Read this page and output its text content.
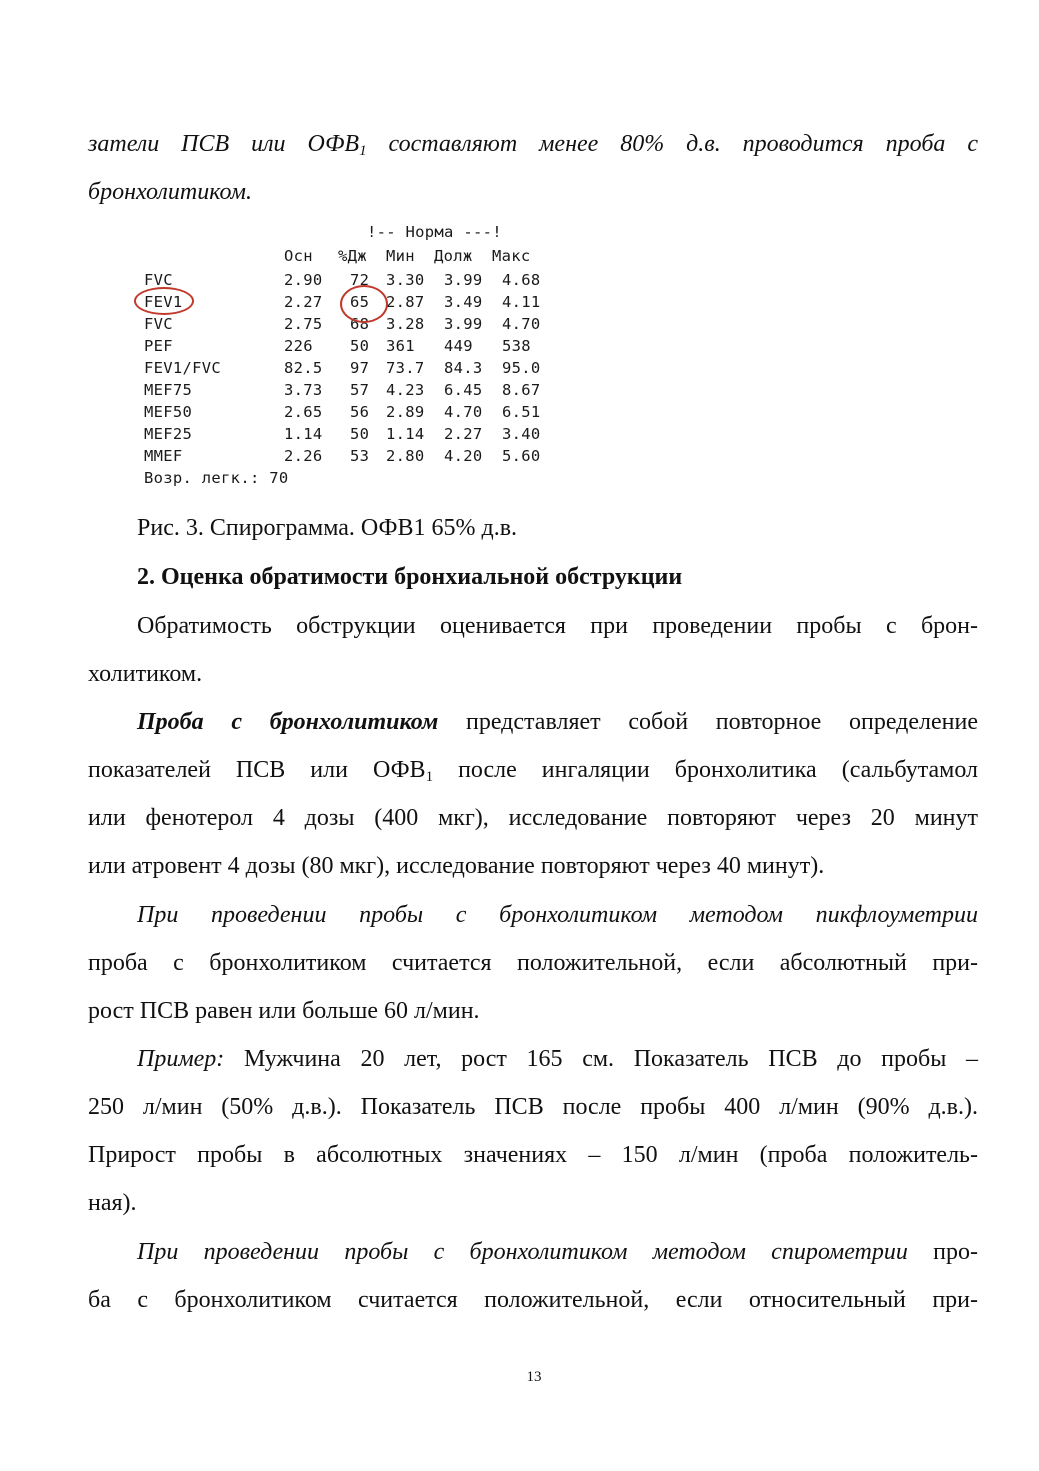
затели ПСВ или $ОФВ_1$ составляют менее 80% д.в. проводится проба с
бронхолитиком.
!-- Норма ---!
Осн %Дж Мин Долж Макс
FVC	2.90 72 3.30 3.99 4.68
FEV1	2.27 65 2.87 3.49 4.11
FVC	2.75 68 3.28 3.99 4.70
PEF	226 50 361 449 538
FEV1/FVC	82.5 97 73.7 84.3 95.0
MEF75	3.73 57 4.23 6.45 8.67
MEF50	2.65 56 2.89 4.70 6.51
MEF25	1.14 50 1.14 2.27 3.40
MMEF	2.26 53 2.80 4.20 5.60
Возр. легк.: 70
Рис. 3. Спирограмма. ОФВ1 65% д.в.
2. Оценка обратимости бронхиальной обструкции
Обратимость обструкции оценивается при проведении пробы с брон-
холитиком.
Проба с бронхолитиком представляет собой повторное определение
показателей ПСВ или $ОФВ_1$ после ингаляции бронхолитика (сальбутамол
или фенотерол 4 дозы (400 мкг), исследование повторяют через 20 минут
или атровент 4 дозы (80 мкг), исследование повторяют через 40 минут).
При проведении пробы с бронхолитиком методом пикфлоуметрии
проба с бронхолитиком считается положительной, если абсолютный при-
рост ПСВ равен или больше 60 л/мин.
Пример: Мужчина 20 лет, рост 165 см. Показатель ПСВ до пробы –
250 л/мин (50% д.в.). Показатель ПСВ после пробы 400 л/мин (90% д.в.).
Прирост пробы в абсолютных значениях – 150 л/мин (проба положитель-
ная).
При проведении пробы с бронхолитиком методом спирометрии про-
ба с бронхолитиком считается положительной, если относительный при-
13
